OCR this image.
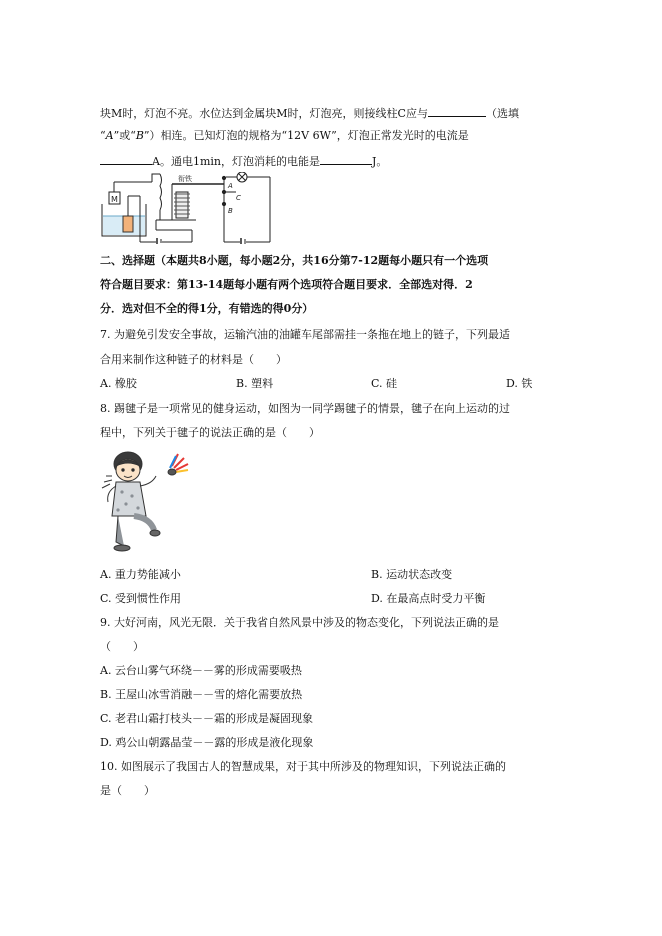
块M时，灯泡不亮。水位达到金属块M时，灯泡亮，则接线柱C应与	（选填
“A”或“B”）相连。已知灯泡的规格为“12V 6W”，灯泡正常发光时的电流是
A。通电1min，灯泡消耗的电能是	J。
M
衔铁
A
C
B
二、选择题（本题共8小题，每小题2分，共16分第7-12题每小题只有一个选项
符合题目要求：第13-14题每小题有两个选项符合题目要求．全部选对得．2
分．选对但不全的得1分，有错选的得0分）
7. 为避免引发安全事故，运输汽油的油罐车尾部需挂一条拖在地上的链子，下列最适
合用来制作这种链子的材料是（　　）
A. 橡胶	B. 塑料	C. 硅	D. 铁
8. 踢毽子是一项常见的健身运动，如图为一同学踢毽子的情景，毽子在向上运动的过
程中，下列关于毽子的说法正确的是（　　）
A. 重力势能减小	B. 运动状态改变
C. 受到惯性作用	D. 在最高点时受力平衡
9. 大好河南，风光无限．关于我省自然风景中涉及的物态变化，下列说法正确的是
（　　）
A. 云台山雾气环绕－－雾的形成需要吸热
B. 王屋山冰雪消融－－雪的熔化需要放热
C. 老君山霜打枝头－－霜的形成是凝固现象
D. 鸡公山朝露晶莹－－露的形成是液化现象
10. 如图展示了我国古人的智慧成果，对于其中所涉及的物理知识，下列说法正确的
是（　　）
